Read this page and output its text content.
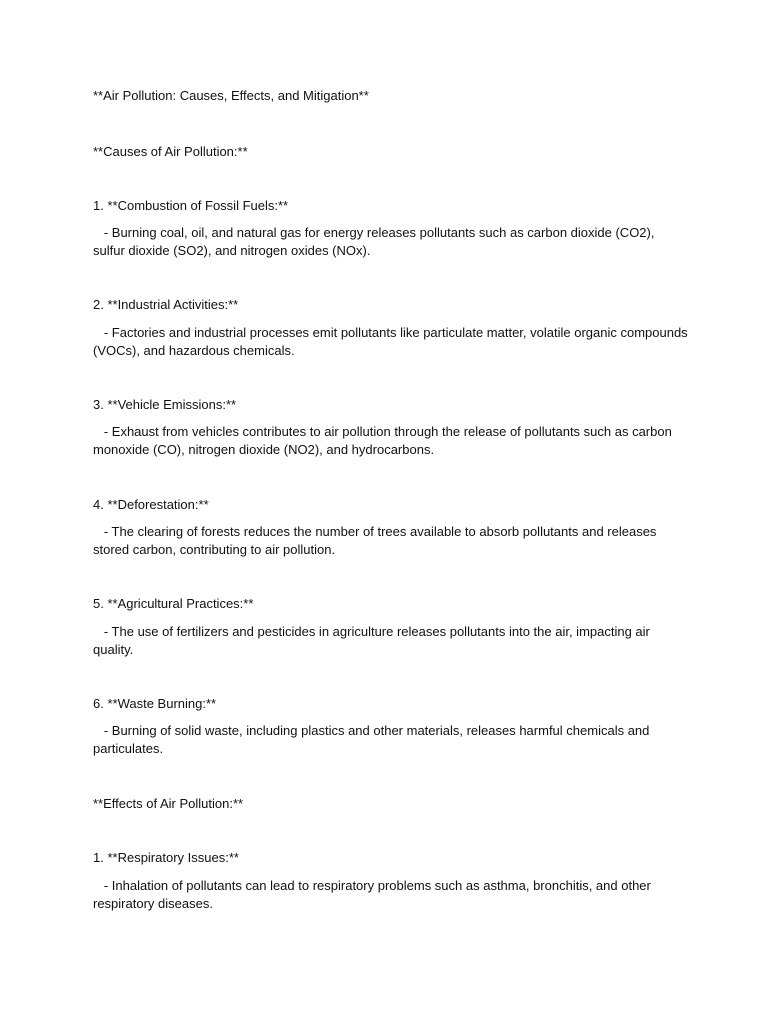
**Air Pollution: Causes, Effects, and Mitigation**

**Causes of Air Pollution:**

1. **Combustion of Fossil Fuels:**

- Burning coal, oil, and natural gas for energy releases pollutants such as carbon dioxide (CO2), sulfur dioxide (SO2), and nitrogen oxides (NOx).

2. **Industrial Activities:**

- Factories and industrial processes emit pollutants like particulate matter, volatile organic compounds (VOCs), and hazardous chemicals.

3. **Vehicle Emissions:**

- Exhaust from vehicles contributes to air pollution through the release of pollutants such as carbon monoxide (CO), nitrogen dioxide (NO2), and hydrocarbons.

4. **Deforestation:**

- The clearing of forests reduces the number of trees available to absorb pollutants and releases stored carbon, contributing to air pollution.

5. **Agricultural Practices:**

- The use of fertilizers and pesticides in agriculture releases pollutants into the air, impacting air quality.

6. **Waste Burning:**

- Burning of solid waste, including plastics and other materials, releases harmful chemicals and particulates.

**Effects of Air Pollution:**

1. **Respiratory Issues:**

- Inhalation of pollutants can lead to respiratory problems such as asthma, bronchitis, and other respiratory diseases.
